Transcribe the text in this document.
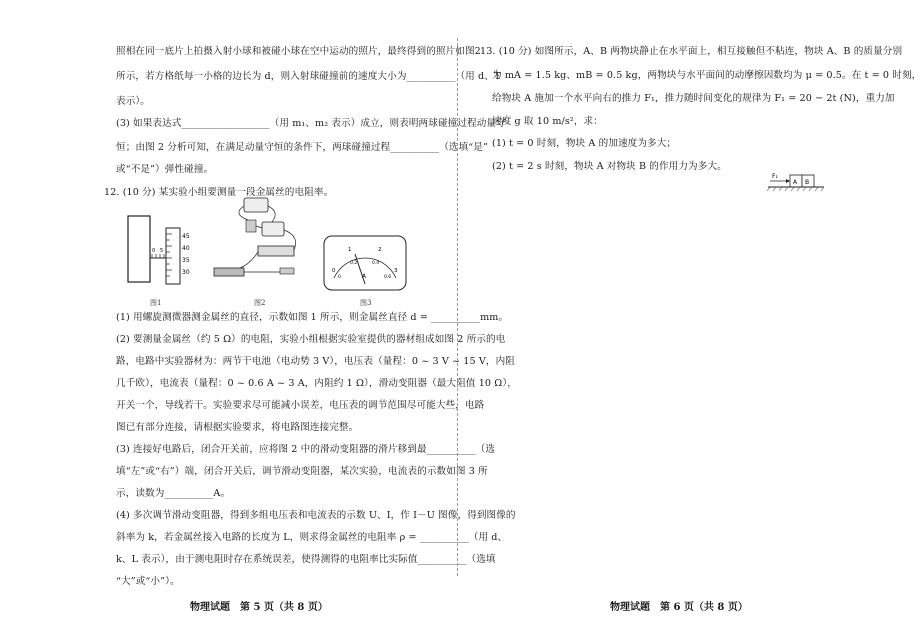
照相在同一底片上拍摄入射小球和被碰小球在空中运动的照片，最终得到的照片如图2
所示，若方格纸每一小格的边长为 d，则入射球碰撞前的速度大小为__________（用 d、T
表示）。
(3) 如果表达式__________________（用 m₁、m₂ 表示）成立，则表明两球碰撞过程动量守
恒；由图 2 分析可知，在满足动量守恒的条件下，两球碰撞过程__________（选填“是”
或“不是”）弹性碰撞。
12. (10 分) 某实验小组要测量一段金属丝的电阻率。
45
40
35
30
0 5
图1	图2
0
1	2
3
0
0.2	0.4
0.6
A
图3
(1) 用螺旋测微器测金属丝的直径，示数如图 1 所示，则金属丝直径 d = __________mm。
(2) 要测量金属丝（约 5 Ω）的电阻，实验小组根据实验室提供的器材组成如图 2 所示的电
路，电路中实验器材为：两节干电池（电动势 3 V），电压表（量程：0 ~ 3 V ~ 15 V，内阻
几千欧），电流表（量程：0 ~ 0.6 A ~ 3 A，内阻约 1 Ω），滑动变阻器（最大阻值 10 Ω），
开关一个，导线若干。实验要求尽可能减小误差，电压表的调节范围尽可能大些，电路
图已有部分连接，请根据实验要求，将电路图连接完整。
(3) 连接好电路后，闭合开关前，应将图 2 中的滑动变阻器的滑片移到最__________（选
填“左”或“右”）端，闭合开关后，调节滑动变阻器，某次实验，电流表的示数如图 3 所
示，读数为__________A。
(4) 多次调节滑动变阻器，得到多组电压表和电流表的示数 U、I，作 I－U 图像，得到图像的
斜率为 k，若金属丝接入电路的长度为 L，则求得金属丝的电阻率 ρ = __________（用 d、
k、L 表示），由于测电阻时存在系统误差，使得测得的电阻率比实际值__________（选填
“大”或“小”）。
物理试题　第 5 页（共 8 页）
13. (10 分) 如图所示，A、B 两物块静止在水平面上，相互接触但不粘连，物块 A、B 的质量分别
为 mA = 1.5 kg、mB = 0.5 kg，两物块与水平面间的动摩擦因数均为 μ = 0.5。在 t = 0 时刻，
给物块 A 施加一个水平向右的推力 F₁，推力随时间变化的规律为 F₁ = 20 − 2t (N)，重力加
速度 g 取 10 m/s²，求：
(1) t = 0 时刻，物块 A 的加速度为多大；
(2) t = 2 s 时刻，物块 A 对物块 B 的作用力为多大。
F₁
A B
物理试题　第 6 页（共 8 页）
